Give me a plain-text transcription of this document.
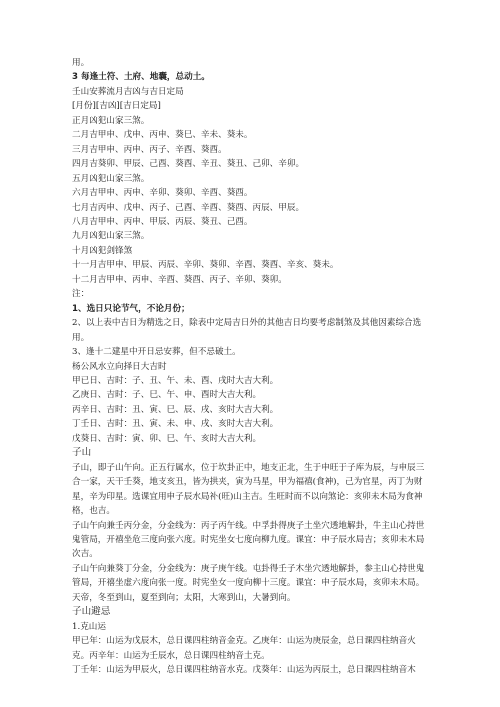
用。
3 每逢土符、土府、地囊，总动土。
壬山安葬流月吉凶与吉日定局
[月份][吉凶][吉日定局]
正月凶犯山家三煞。
二月吉甲申、戊申、丙申、葵巳、辛未、葵未。
三月吉甲申、丙申、丙子、辛酉、葵酉。
四月吉葵卯、甲辰、己酉、葵酉、辛丑、葵丑、己卯、辛卯。
五月凶犯山家三煞。
六月吉甲申、丙申、辛卯、葵卯、辛酉、葵酉。
七月吉丙申、戊申、丙子、己酉、辛酉、葵酉、丙辰、甲辰。
八月吉甲申、丙申、甲辰、丙辰、葵丑、己酉。
九月凶犯山家三煞。
十月凶犯剑锋煞
十一月吉甲申、甲辰、丙辰、辛卯、葵卯、辛酉、葵酉、辛亥、葵未。
十二月吉甲申、丙申、辛酉、葵酉、丙子、辛卯、葵卯。
注：
1、选日只论节气，不论月份；
2、以上表中吉日为精选之日，除表中定局吉日外的其他吉日均要考虑制煞及其他因素综合选用。
3、逢十二建星中开日忌安葬，但不忌破土。
杨公风水立向择日大吉时
甲已日、吉时：子、丑、午、未、酉、戌时大吉大利。
乙庚日、吉时：子、巳、午、申、酉时大吉大利。
丙辛日、吉时：丑、寅、巳、辰、戌、亥时大吉大利。
丁壬日、吉时：丑、寅、未、申、戌、亥时大吉大利。
戊葵日、吉时：寅、卯、巳、午、亥时大吉大利。
子山
子山，即子山午向。正五行属水，位于坎卦正中，地支正北，生于申旺于子库为辰，与申辰三合一家，天干壬葵，地支亥丑，皆为拱夹，寅为马星，甲为福禧(食神)，己为官星，丙丁为财星，辛为印星。选课宜用申子辰水局补(旺)山主吉。生旺时而不以向煞论：亥卯未木局为食神格，也吉。
子山午向兼壬丙分金，分金线为：丙子丙午线。中孚卦得庚子土坐穴透地解卦，牛主山心持世鬼管局，开禧坐危三度向张六度。时宪坐女七度向柳九度。课宜：申子辰水局吉；亥卯未木局次吉。
子山午向兼葵丁分金，分金线为：庚子庚午线。屯卦得壬子木坐穴透地解卦，参主山心持世鬼管局，开禧坐虚六度向张一度。时宪坐女一度向柳十三度。课宜：申子辰水局，亥卯未木局。
天帝，冬至到山，夏至到向；太阳，大寒到山，大暑到向。
子山避忌
1.克山运
甲已年：山运为戊辰木，总日课四柱纳音金克。乙庚年：山运为庚辰金，总日课四柱纳音火克。丙辛年：山运为壬辰水，总日课四柱纳音土克。
丁壬年：山运为甲辰火，总日课四柱纳音水克。戊葵年：山运为丙辰土，总日课四柱纳音木
